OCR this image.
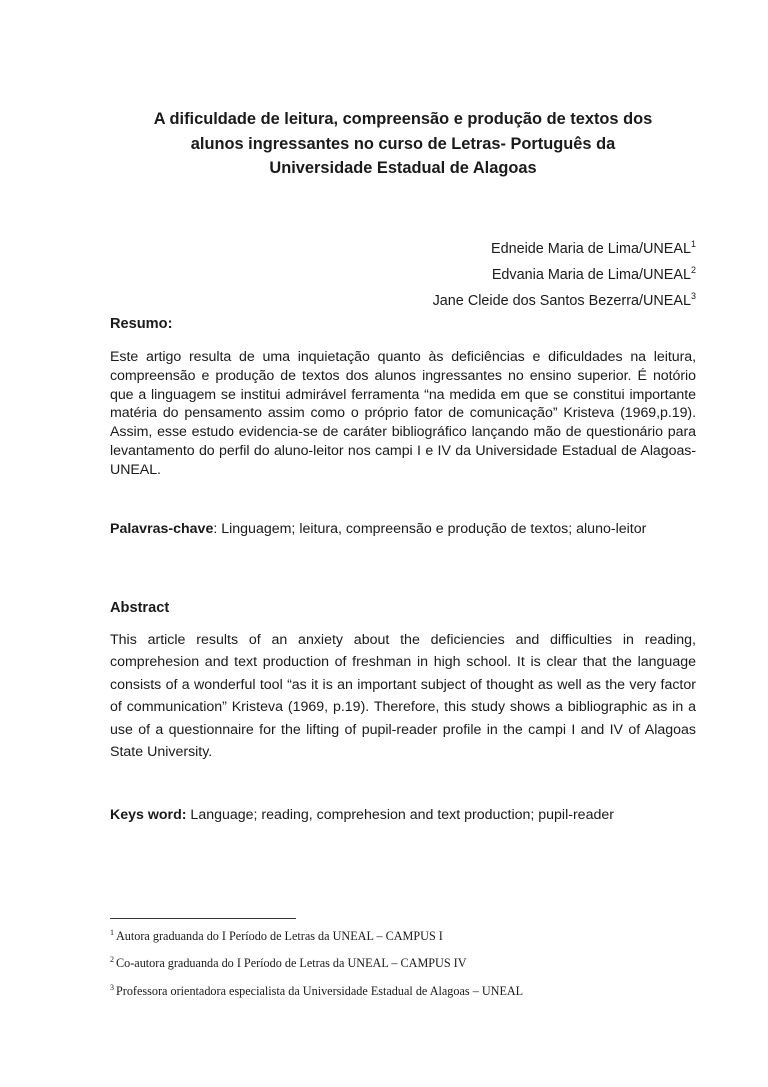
A dificuldade de leitura, compreensão e produção de textos dos
alunos ingressantes no curso de Letras- Português da
Universidade Estadual de Alagoas
Edneide Maria de Lima/UNEAL$^1$
Edvania Maria de Lima/UNEAL$^2$
Jane Cleide dos Santos Bezerra/UNEAL$^3$
Resumo:

Este artigo resulta de uma inquietação quanto às deficiências e dificuldades na leitura, compreensão e produção de textos dos alunos ingressantes no ensino superior. É notório que a linguagem se institui admirável ferramenta “na medida em que se constitui importante matéria do pensamento assim como o próprio fator de comunicação” Kristeva (1969,p.19). Assim, esse estudo evidencia-se de caráter bibliográfico lançando mão de questionário para levantamento do perfil do aluno-leitor nos campi I e IV da Universidade Estadual de Alagoas-UNEAL.

Palavras-chave: Linguagem; leitura, compreensão e produção de textos; aluno-leitor

Abstract

This article results of an anxiety about the deficiencies and difficulties in reading, comprehesion and text production of freshman in high school. It is clear that the language consists of a wonderful tool “as it is an important subject of thought as well as the very factor of communication” Kristeva (1969, p.19). Therefore, this study shows a bibliographic as in a use of a questionnaire for the lifting of pupil-reader profile in the campi I and IV of Alagoas State University.

Keys word: Language; reading, comprehesion and text production; pupil-reader

$^1$ Autora graduanda do I Período de Letras da UNEAL – CAMPUS I

$^2$ Co-autora graduanda do I Período de Letras da UNEAL – CAMPUS IV

$^3$ Professora orientadora especialista da Universidade Estadual de Alagoas – UNEAL
